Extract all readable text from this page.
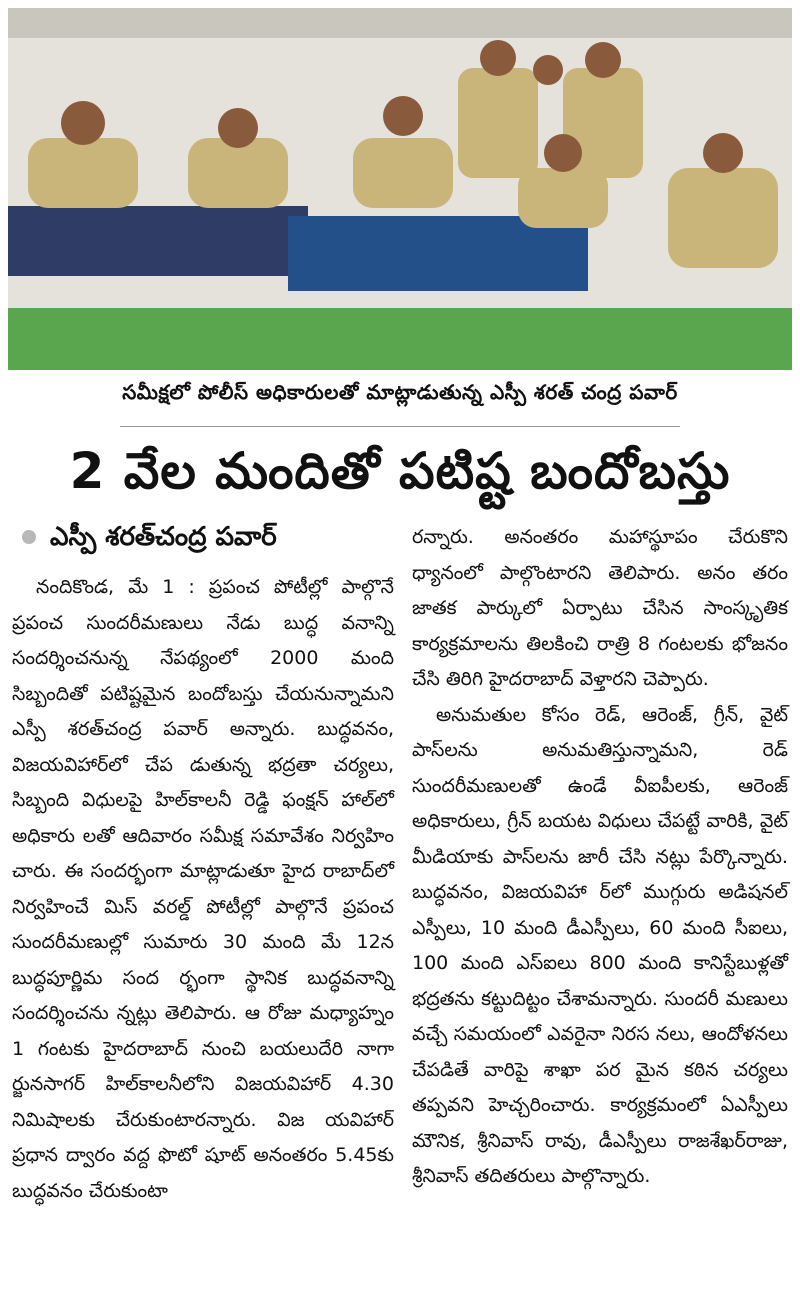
సమీక్షలో పోలీస్ అధికారులతో మాట్లాడుతున్న ఎస్పీ శరత్ చంద్ర పవార్
2 వేల మందితో పటిష్ట బందోబస్తు
ఎస్పీ శరత్‌చంద్ర పవార్

నందికొండ, మే 1 : ప్రపంచ పోటీల్లో పాల్గొనే ప్రపంచ సుందరీమణులు నేడు బుద్ధ వనాన్ని సందర్శించనున్న నేపథ్యంలో 2000 మంది సిబ్బందితో పటిష్టమైన బందోబస్తు చేయనున్నామని ఎస్పీ శరత్‌చంద్ర పవార్ అన్నారు. బుద్ధవనం, విజయవిహార్‌లో చేప డుతున్న భద్రతా చర్యలు, సిబ్బంది విధులపై హిల్‌కాలనీ రెడ్డి ఫంక్షన్ హాల్‌లో అధికారు లతో ఆదివారం సమీక్ష సమావేశం నిర్వహిం చారు. ఈ సందర్భంగా మాట్లాడుతూ హైద రాబాద్‌లో నిర్వహించే మిస్ వరల్డ్ పోటీల్లో పాల్గొనే ప్రపంచ సుందరీమణుల్లో సుమారు 30 మంది మే 12న బుద్ధపూర్ణిమ సంద ర్భంగా స్థానిక బుద్ధవనాన్ని సందర్శించను న్నట్లు తెలిపారు. ఆ రోజు మధ్యాహ్నం 1 గంటకు హైదరాబాద్ నుంచి బయలుదేరి నాగా ర్జునసాగర్ హిల్‌కాలనీలోని విజయవిహార్ 4.30 నిమిషాలకు చేరుకుంటారన్నారు. విజ యవిహార్ ప్రధాన ద్వారం వద్ద ఫొటో షూట్ అనంతరం 5.45కు బుద్ధవనం చేరుకుంటా

రన్నారు. అనంతరం మహాస్థూపం చేరుకొని ధ్యానంలో పాల్గొంటారని తెలిపారు. అనం తరం జాతక పార్కులో ఏర్పాటు చేసిన సాంస్కృతిక కార్యక్రమాలను తిలకించి రాత్రి 8 గంటలకు భోజనం చేసి తిరిగి హైదరాబాద్ వెళ్తారని చెప్పారు.

అనుమతుల కోసం రెడ్, ఆరెంజ్, గ్రీన్, వైట్ పాస్‌లను అనుమతిస్తున్నామని, రెడ్ సుందరీమణులతో ఉండే వీఐపీలకు, ఆరెంజ్ అధికారులు, గ్రీన్ బయట విధులు చేపట్టే వారికి, వైట్ మీడియాకు పాస్‌లను జారీ చేసి నట్లు పేర్కొన్నారు. బుద్ధవనం, విజయవిహా ర్‌లో ముగ్గురు అడిషనల్ ఎస్పీలు, 10 మంది డీఎస్పీలు, 60 మంది సీఐలు, 100 మంది ఎస్ఐలు 800 మంది కానిస్టేబుళ్లతో భద్రతను కట్టుదిట్టం చేశామన్నారు. సుందరీ మణులు వచ్చే సమయంలో ఎవరైనా నిరస నలు, ఆందోళనలు చేపడితే వారిపై శాఖా పర మైన కఠిన చర్యలు తప్పవని హెచ్చరించారు. కార్యక్రమంలో ఏఎస్పీలు మౌనిక, శ్రీనివాస్ రావు, డీఎస్పీలు రాజశేఖర్‌రాజు, శ్రీనివాస్ తదితరులు పాల్గొన్నారు.
